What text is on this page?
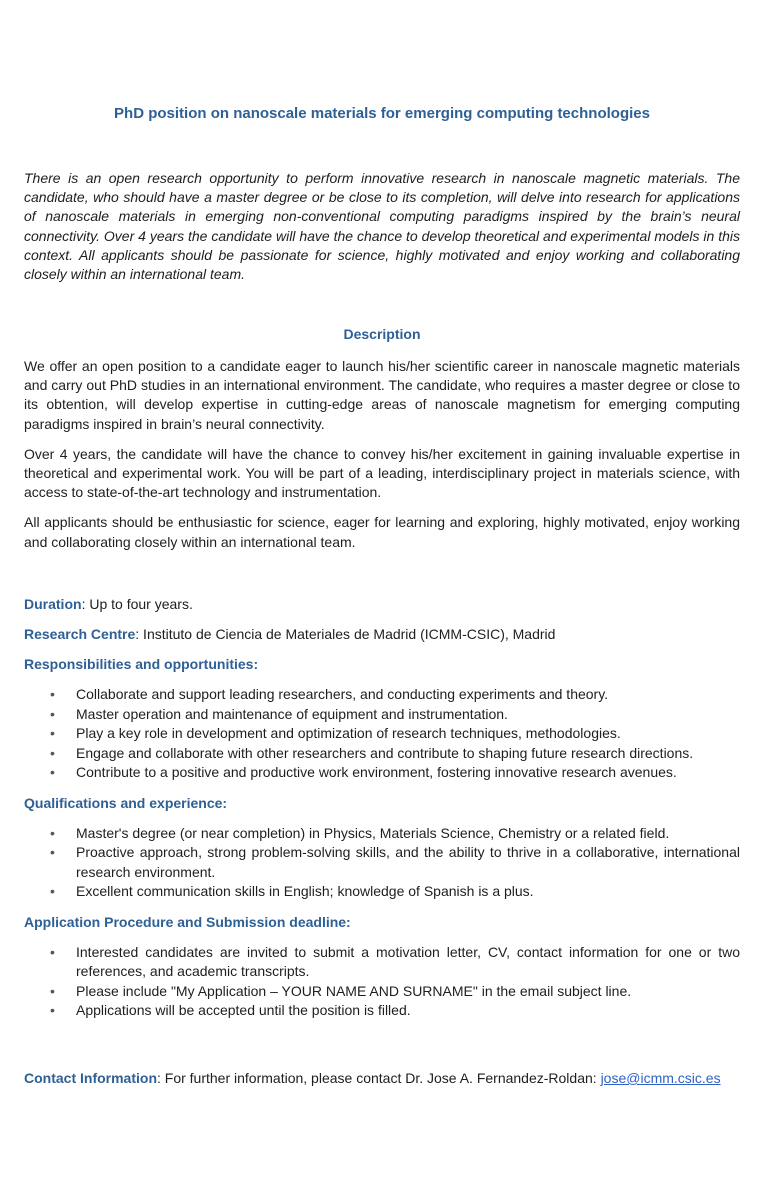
PhD position on nanoscale materials for emerging computing technologies

There is an open research opportunity to perform innovative research in nanoscale magnetic materials. The candidate, who should have a master degree or be close to its completion, will delve into research for applications of nanoscale materials in emerging non-conventional computing paradigms inspired by the brain’s neural connectivity. Over 4 years the candidate will have the chance to develop theoretical and experimental models in this context. All applicants should be passionate for science, highly motivated and enjoy working and collaborating closely within an international team.

Description

We offer an open position to a candidate eager to launch his/her scientific career in nanoscale magnetic materials and carry out PhD studies in an international environment. The candidate, who requires a master degree or close to its obtention, will develop expertise in cutting-edge areas of nanoscale magnetism for emerging computing paradigms inspired in brain’s neural connectivity.

Over 4 years, the candidate will have the chance to convey his/her excitement in gaining invaluable expertise in theoretical and experimental work. You will be part of a leading, interdisciplinary project in materials science, with access to state-of-the-art technology and instrumentation.

All applicants should be enthusiastic for science, eager for learning and exploring, highly motivated, enjoy working and collaborating closely within an international team.

Duration: Up to four years.
Research Centre: Instituto de Ciencia de Materiales de Madrid (ICMM-CSIC), Madrid
Responsibilities and opportunities:
• Collaborate and support leading researchers, and conducting experiments and theory.
• Master operation and maintenance of equipment and instrumentation.
• Play a key role in development and optimization of research techniques, methodologies.
• Engage and collaborate with other researchers and contribute to shaping future research directions.
• Contribute to a positive and productive work environment, fostering innovative research avenues.
Qualifications and experience:
• Master's degree (or near completion) in Physics, Materials Science, Chemistry or a related field.
• Proactive approach, strong problem-solving skills, and the ability to thrive in a collaborative, international research environment.
• Excellent communication skills in English; knowledge of Spanish is a plus.
Application Procedure and Submission deadline:
• Interested candidates are invited to submit a motivation letter, CV, contact information for one or two references, and academic transcripts.
• Please include "My Application – YOUR NAME AND SURNAME" in the email subject line.
• Applications will be accepted until the position is filled.
Contact Information: For further information, please contact Dr. Jose A. Fernandez-Roldan: jose@icmm.csic.es
